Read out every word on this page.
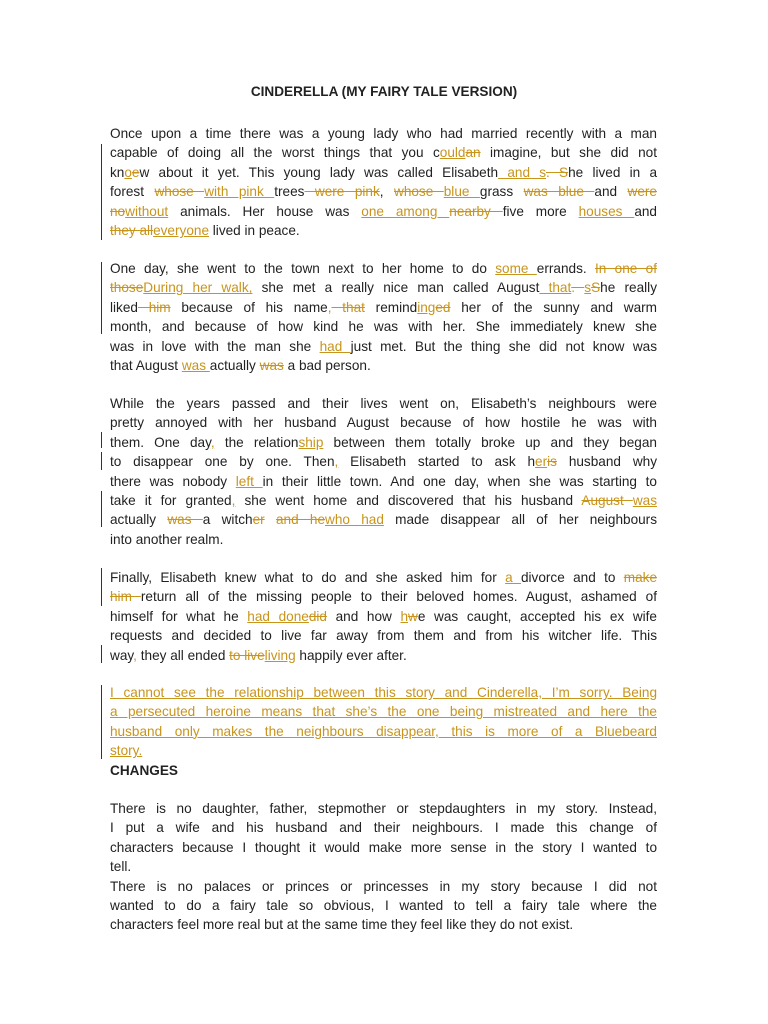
CINDERELLA (MY FAIRY TALE VERSION)
Once upon a time there was a young lady who had married recently with a man
capable of doing all the worst things that you couldan imagine, but she did not
knoew about it yet. This young lady was called Elisabeth and s. She lived in a
forest whose with pink trees were pink, whose blue grass was blue and were
nowithout animals. Her house was one among nearby five more houses and
they alleveryone lived in peace.
One day, she went to the town next to her home to do some errands. In one of
thoseDuring her walk, she met a really nice man called August that. sShe really
liked him because of his name, that remindinged her of the sunny and warm
month, and because of how kind he was with her. She immediately knew she
was in love with the man she had just met. But the thing she did not know was
that August was actually was a bad person.
While the years passed and their lives went on, Elisabeth’s neighbours were
pretty annoyed with her husband August because of how hostile he was with
them. One day, the relationship between them totally broke up and they began
to disappear one by one. Then, Elisabeth started to ask heris husband why
there was nobody left in their little town. And one day, when she was starting to
take it for granted, she went home and discovered that his husband August was
actually was a witcher and hewho had made disappear all of her neighbours
into another realm.
Finally, Elisabeth knew what to do and she asked him for a divorce and to make
him return all of the missing people to their beloved homes. August, ashamed of
himself for what he had donedid and how hwe was caught, accepted his ex wife
requests and decided to live far away from them and from his witcher life. This
way, they all ended to liveliving happily ever after.
I cannot see the relationship between this story and Cinderella, I’m sorry. Being
a persecuted heroine means that she’s the one being mistreated and here the
husband only makes the neighbours disappear, this is more of a Bluebeard
story.
CHANGES
There is no daughter, father, stepmother or stepdaughters in my story. Instead,
I put a wife and his husband and their neighbours. I made this change of
characters because I thought it would make more sense in the story I wanted to
tell.
There is no palaces or princes or princesses in my story because I did not
wanted to do a fairy tale so obvious, I wanted to tell a fairy tale where the
characters feel more real but at the same time they feel like they do not exist.
